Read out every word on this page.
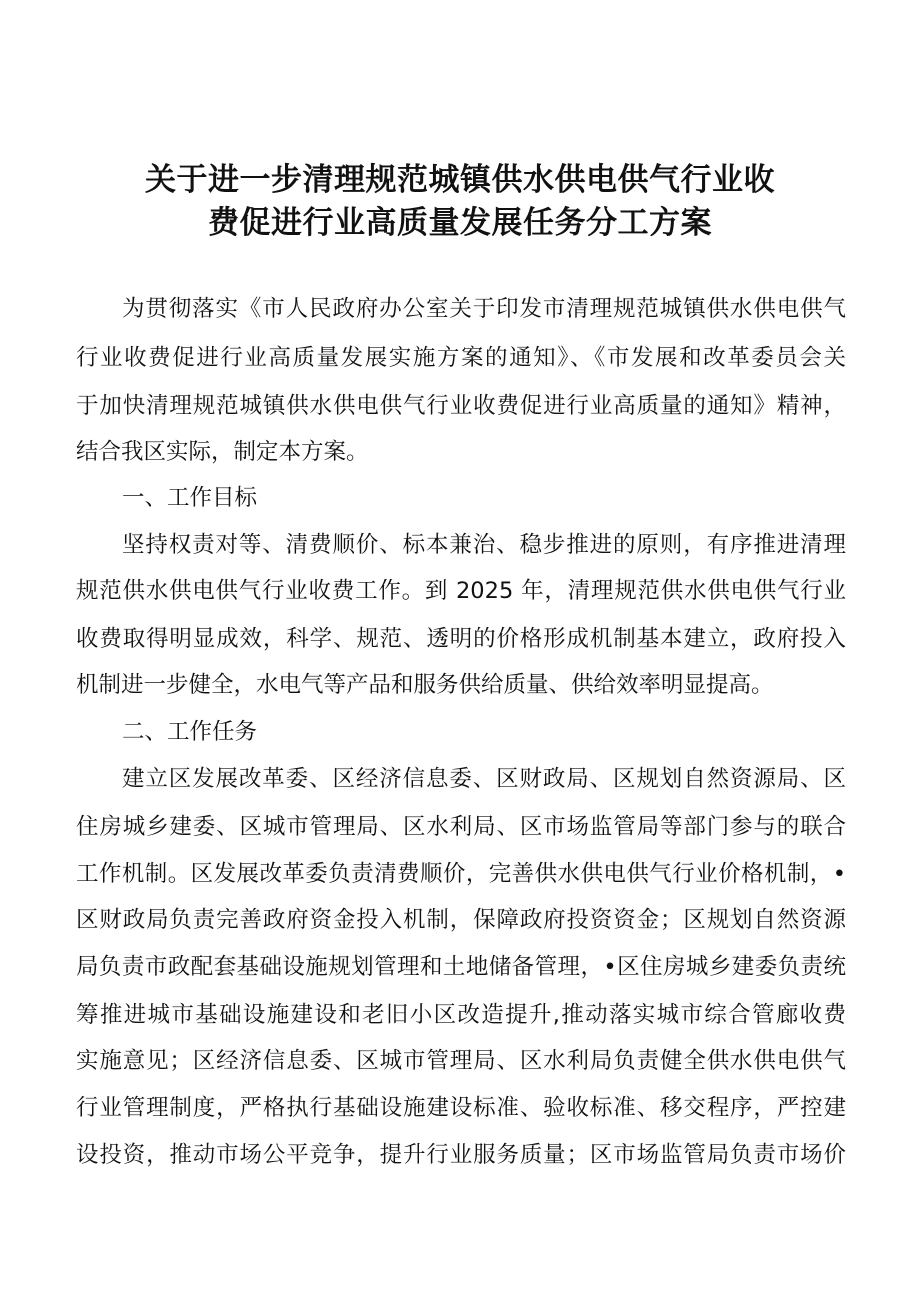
关于进一步清理规范城镇供水供电供气行业收
费促进行业高质量发展任务分工方案
为贯彻落实《市人民政府办公室关于印发市清理规范城镇供水供电供气
行业收费促进行业高质量发展实施方案的通知》、《市发展和改革委员会关
于加快清理规范城镇供水供电供气行业收费促进行业高质量的通知》精神，
结合我区实际，制定本方案。
一、工作目标
坚持权责对等、清费顺价、标本兼治、稳步推进的原则，有序推进清理
规范供水供电供气行业收费工作。到 2025 年，清理规范供水供电供气行业
收费取得明显成效，科学、规范、透明的价格形成机制基本建立，政府投入
机制进一步健全，水电气等产品和服务供给质量、供给效率明显提高。
二、工作任务
建立区发展改革委、区经济信息委、区财政局、区规划自然资源局、区
住房城乡建委、区城市管理局、区水利局、区市场监管局等部门参与的联合
工作机制。区发展改革委负责清费顺价，完善供水供电供气行业价格机制，•
区财政局负责完善政府资金投入机制，保障政府投资资金；区规划自然资源
局负责市政配套基础设施规划管理和土地储备管理，•区住房城乡建委负责统
筹推进城市基础设施建设和老旧小区改造提升,推动落实城市综合管廊收费
实施意见；区经济信息委、区城市管理局、区水利局负责健全供水供电供气
行业管理制度，严格执行基础设施建设标准、验收标准、移交程序，严控建
设投资，推动市场公平竞争，提升行业服务质量；区市场监管局负责市场价
